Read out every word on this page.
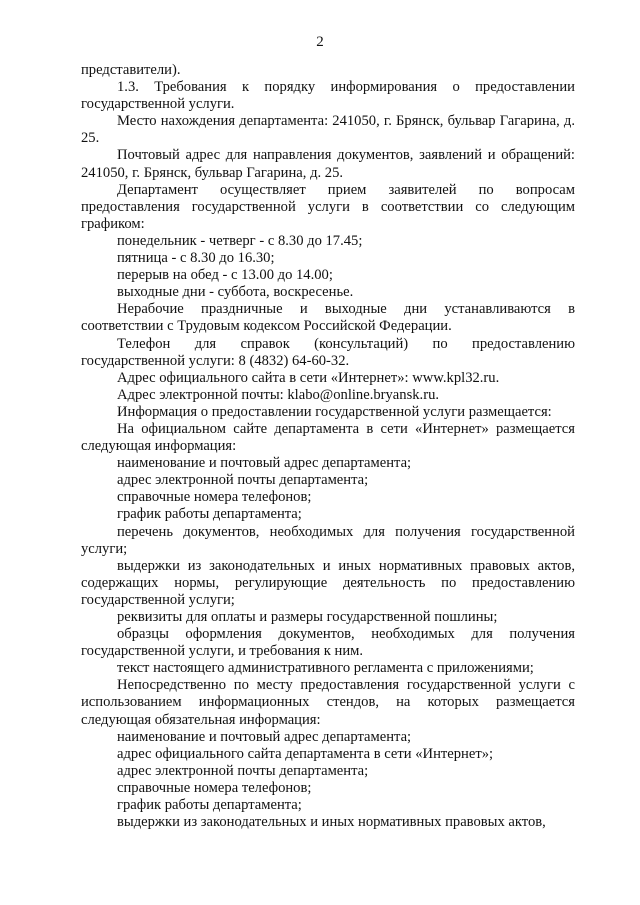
2

представители).

1.3. Требования к порядку информирования о предоставлении государственной услуги.

Место нахождения департамента: 241050, г. Брянск, бульвар Гагарина, д. 25.

Почтовый адрес для направления документов, заявлений и обращений: 241050, г. Брянск, бульвар Гагарина, д. 25.

Департамент осуществляет прием заявителей по вопросам предоставления государственной услуги в соответствии со следующим графиком:

понедельник - четверг - с 8.30 до 17.45;

пятница - с 8.30 до 16.30;

перерыв на обед - с 13.00 до 14.00;

выходные дни - суббота, воскресенье.

Нерабочие праздничные и выходные дни устанавливаются в соответствии с Трудовым кодексом Российской Федерации.

Телефон для справок (консультаций) по предоставлению государственной услуги: 8 (4832) 64-60-32.

Адрес официального сайта в сети «Интернет»: www.kpl32.ru.

Адрес электронной почты: klabo@online.bryansk.ru.

Информация о предоставлении государственной услуги размещается:

На официальном сайте департамента в сети «Интернет» размещается следующая информация:

наименование и почтовый адрес департамента;

адрес электронной почты департамента;

справочные номера телефонов;

график работы департамента;

перечень документов, необходимых для получения государственной услуги;

выдержки из законодательных и иных нормативных правовых актов, содержащих нормы, регулирующие деятельность по предоставлению государственной услуги;

реквизиты для оплаты и размеры государственной пошлины;

образцы оформления документов, необходимых для получения государственной услуги, и требования к ним.

текст настоящего административного регламента с приложениями;

Непосредственно по месту предоставления государственной услуги с использованием информационных стендов, на которых размещается следующая обязательная информация:

наименование и почтовый адрес департамента;

адрес официального сайта департамента в сети «Интернет»;

адрес электронной почты департамента;

справочные номера телефонов;

график работы департамента;

выдержки из законодательных и иных нормативных правовых актов,
